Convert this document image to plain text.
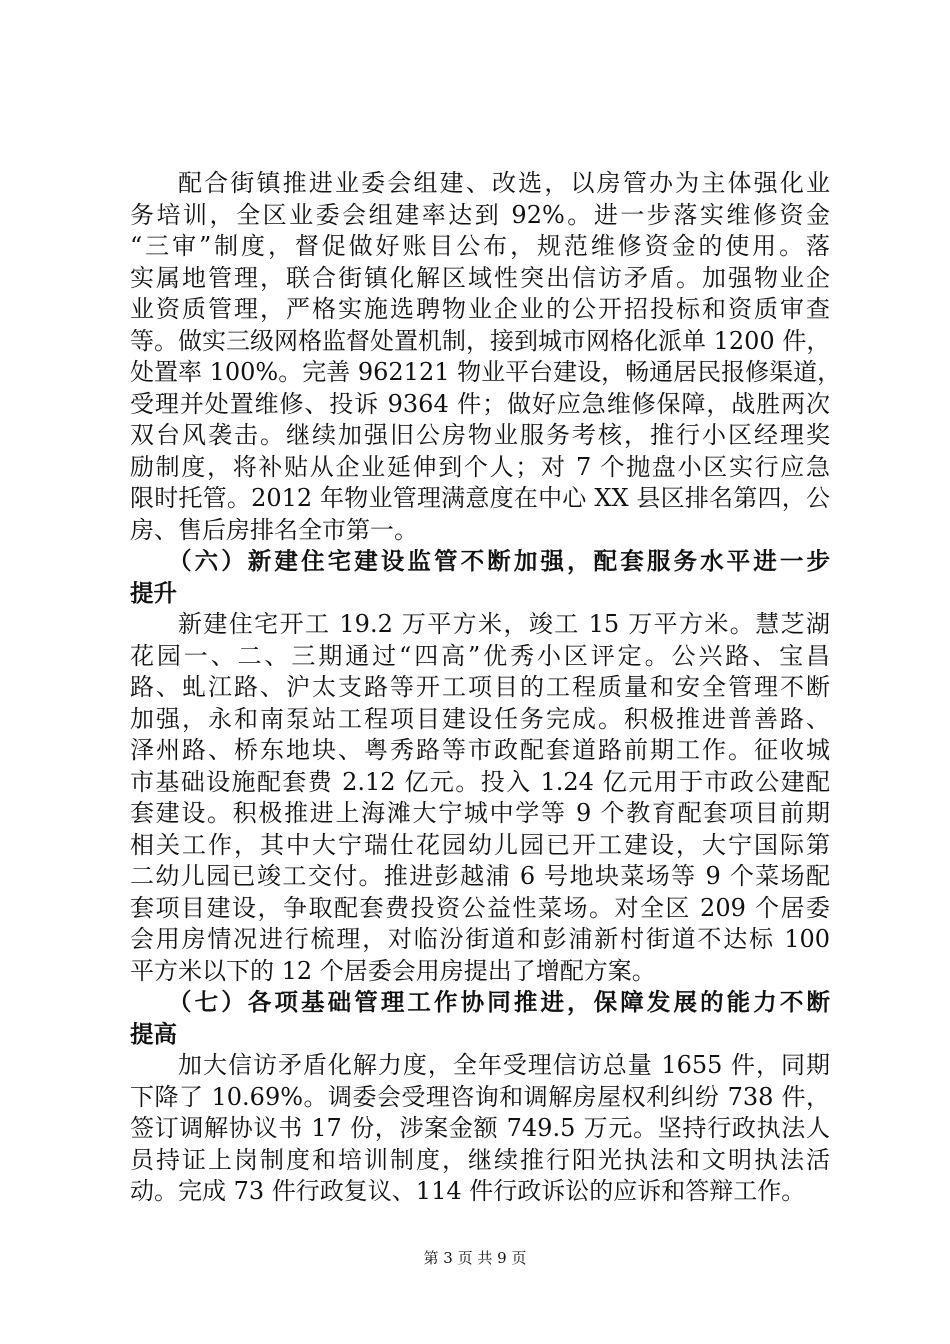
配合街镇推进业委会组建、改选，以房管办为主体强化业
务培训，全区业委会组建率达到 92%。进一步落实维修资金
“三审”制度，督促做好账目公布，规范维修资金的使用。落
实属地管理，联合街镇化解区域性突出信访矛盾。加强物业企
业资质管理，严格实施选聘物业企业的公开招投标和资质审查
等。做实三级网格监督处置机制，接到城市网格化派单 1200 件，
处置率 100%。完善 962121 物业平台建设，畅通居民报修渠道，
受理并处置维修、投诉 9364 件；做好应急维修保障，战胜两次
双台风袭击。继续加强旧公房物业服务考核，推行小区经理奖
励制度，将补贴从企业延伸到个人；对 7 个抛盘小区实行应急
限时托管。2012 年物业管理满意度在中心 XX 县区排名第四，公
房、售后房排名全市第一。
（六）新建住宅建设监管不断加强，配套服务水平进一步
提升
新建住宅开工 19.2 万平方米，竣工 15 万平方米。慧芝湖
花园一、二、三期通过“四高”优秀小区评定。公兴路、宝昌
路、虬江路、沪太支路等开工项目的工程质量和安全管理不断
加强，永和南泵站工程项目建设任务完成。积极推进普善路、
泽州路、桥东地块、粤秀路等市政配套道路前期工作。征收城
市基础设施配套费 2.12 亿元。投入 1.24 亿元用于市政公建配
套建设。积极推进上海滩大宁城中学等 9 个教育配套项目前期
相关工作，其中大宁瑞仕花园幼儿园已开工建设，大宁国际第
二幼儿园已竣工交付。推进彭越浦 6 号地块菜场等 9 个菜场配
套项目建设，争取配套费投资公益性菜场。对全区 209 个居委
会用房情况进行梳理，对临汾街道和彭浦新村街道不达标 100
平方米以下的 12 个居委会用房提出了增配方案。
（七）各项基础管理工作协同推进，保障发展的能力不断
提高
加大信访矛盾化解力度，全年受理信访总量 1655 件，同期
下降了 10.69%。调委会受理咨询和调解房屋权利纠纷 738 件，
签订调解协议书 17 份，涉案金额 749.5 万元。坚持行政执法人
员持证上岗制度和培训制度，继续推行阳光执法和文明执法活
动。完成 73 件行政复议、114 件行政诉讼的应诉和答辩工作。
第 3 页 共 9 页
